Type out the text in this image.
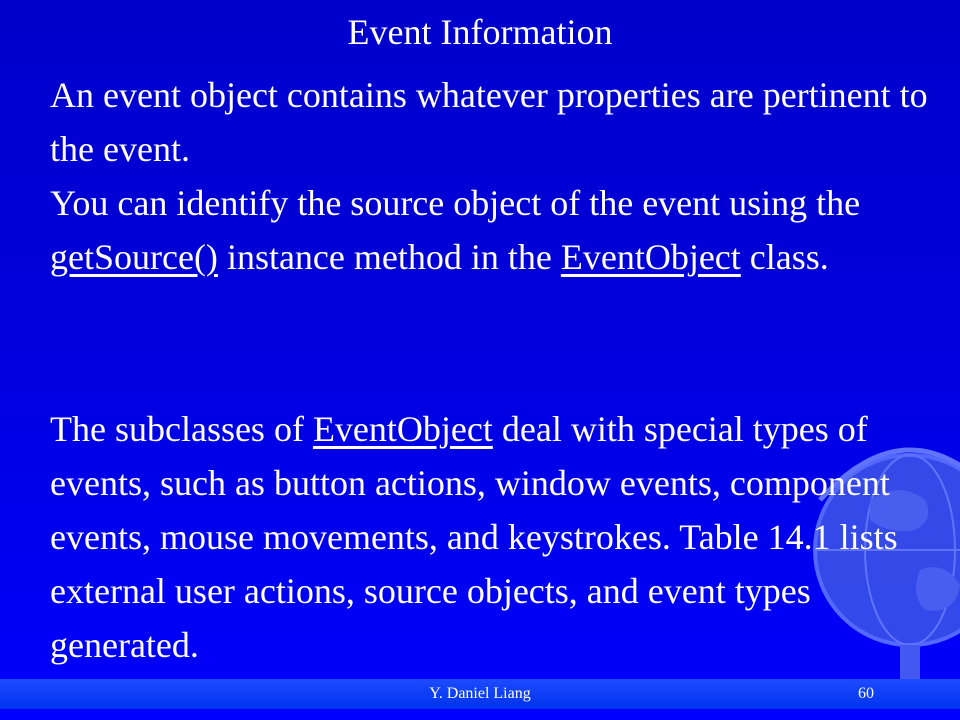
Event Information

An event object contains whatever properties are pertinent to the event.

You can identify the source object of the event using the getSource() instance method in the EventObject class.

The subclasses of EventObject deal with special types of events, such as button actions, window events, component events, mouse movements, and keystrokes. Table 14.1 lists external user actions, source objects, and event types generated.

Y. Daniel Liang	60
